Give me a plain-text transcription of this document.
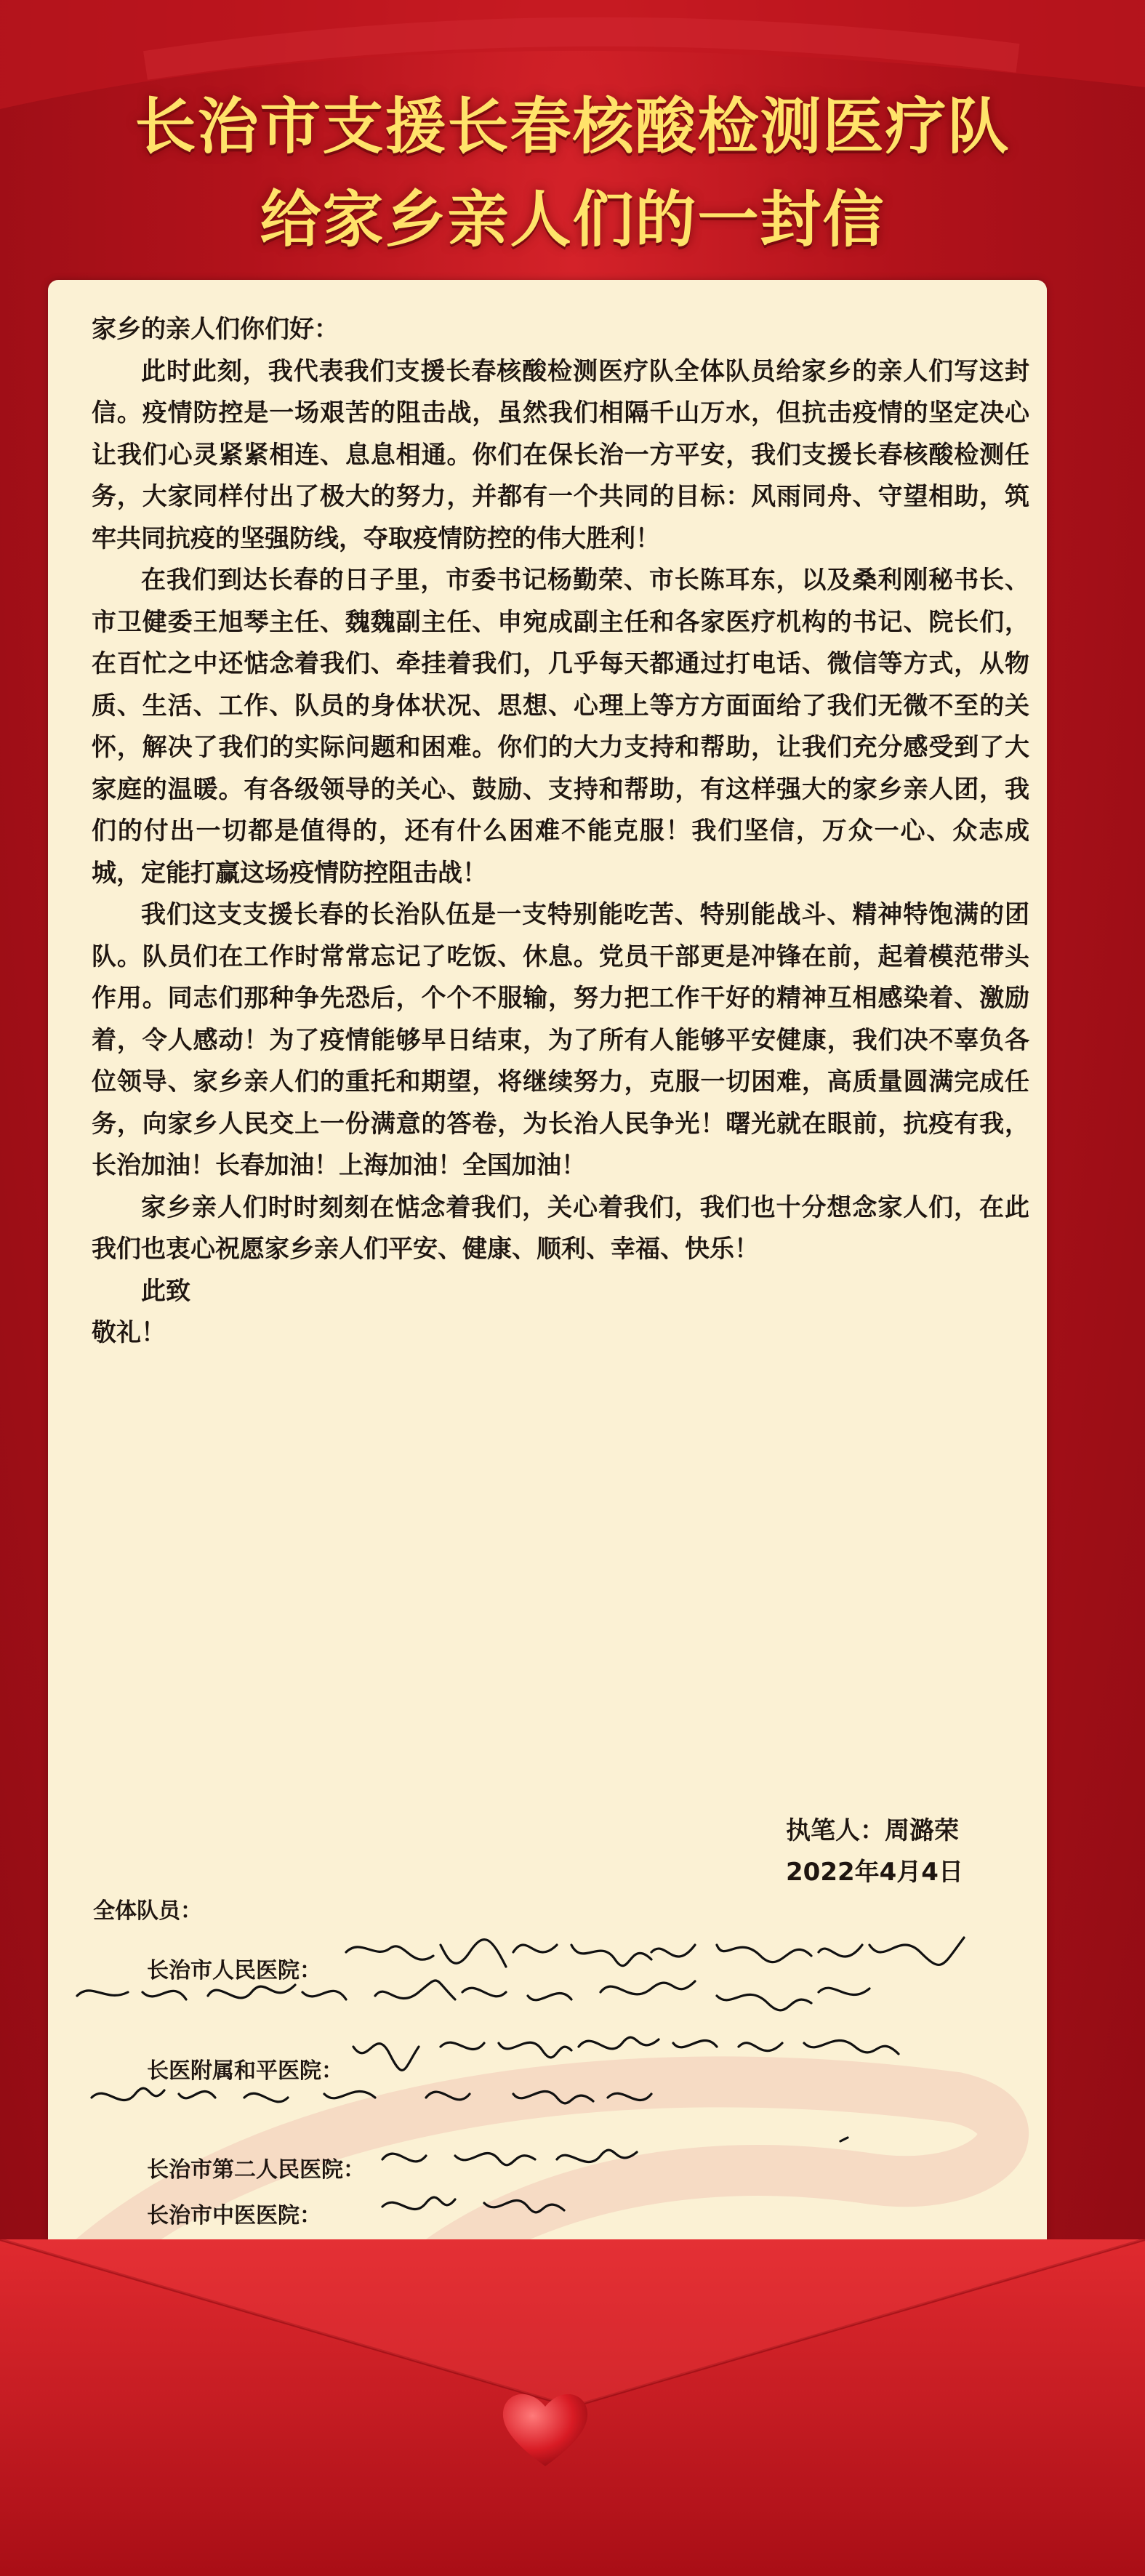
长治市支援长春核酸检测医疗队
给家乡亲人们的一封信

家乡的亲人们你们好：

此时此刻，我代表我们支援长春核酸检测医疗队全体队员给家乡的亲人们写这封信。疫情防控是一场艰苦的阻击战，虽然我们相隔千山万水，但抗击疫情的坚定决心让我们心灵紧紧相连、息息相通。你们在保长治一方平安，我们支援长春核酸检测任务，大家同样付出了极大的努力，并都有一个共同的目标：风雨同舟、守望相助，筑牢共同抗疫的坚强防线，夺取疫情防控的伟大胜利！

在我们到达长春的日子里，市委书记杨勤荣、市长陈耳东，以及桑利刚秘书长、市卫健委王旭琴主任、魏魏副主任、申宛成副主任和各家医疗机构的书记、院长们，在百忙之中还惦念着我们、牵挂着我们，几乎每天都通过打电话、微信等方式，从物质、生活、工作、队员的身体状况、思想、心理上等方方面面给了我们无微不至的关怀，解决了我们的实际问题和困难。你们的大力支持和帮助，让我们充分感受到了大家庭的温暖。有各级领导的关心、鼓励、支持和帮助，有这样强大的家乡亲人团，我们的付出一切都是值得的，还有什么困难不能克服！我们坚信，万众一心、众志成城，定能打赢这场疫情防控阻击战！

我们这支支援长春的长治队伍是一支特别能吃苦、特别能战斗、精神特饱满的团队。队员们在工作时常常忘记了吃饭、休息。党员干部更是冲锋在前，起着模范带头作用。同志们那种争先恐后，个个不服输，努力把工作干好的精神互相感染着、激励着，令人感动！为了疫情能够早日结束，为了所有人能够平安健康，我们决不辜负各位领导、家乡亲人们的重托和期望，将继续努力，克服一切困难，高质量圆满完成任务，向家乡人民交上一份满意的答卷，为长治人民争光！曙光就在眼前，抗疫有我，长治加油！长春加油！上海加油！全国加油！

家乡亲人们时时刻刻在惦念着我们，关心着我们，我们也十分想念家人们，在此我们也衷心祝愿家乡亲人们平安、健康、顺利、幸福、快乐！

此致

敬礼！

执笔人：周潞荣
2022年4月4日
全体队员：
长治市人民医院：
长医附属和平医院：
长治市第二人民医院：
长治市中医医院：
